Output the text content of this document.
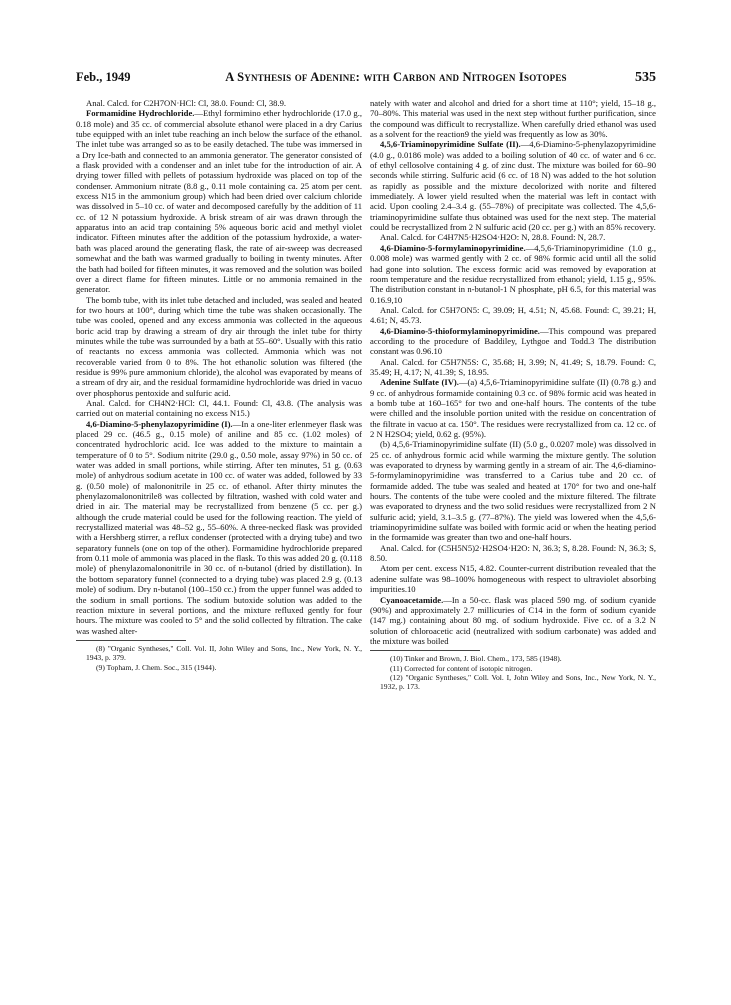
Feb., 1949	A Synthesis of Adenine: with Carbon and Nitrogen Isotopes	535

Anal. Calcd. for C2H7ON·HCl: Cl, 38.0. Found: Cl, 38.9.

Formamidine Hydrochloride.—Ethyl formimino ether hydrochloride (17.0 g., 0.18 mole) and 35 cc. of commercial absolute ethanol were placed in a dry Carius tube equipped with an inlet tube reaching an inch below the surface of the ethanol. The inlet tube was arranged so as to be easily detached. The tube was immersed in a Dry Ice-bath and connected to an ammonia generator. The generator consisted of a flask provided with a condenser and an inlet tube for the introduction of air. A drying tower filled with pellets of potassium hydroxide was placed on top of the condenser. Ammonium nitrate (8.8 g., 0.11 mole containing ca. 25 atom per cent. excess N15 in the ammonium group) which had been dried over calcium chloride was dissolved in 5–10 cc. of water and decomposed carefully by the addition of 11 cc. of 12 N potassium hydroxide. A brisk stream of air was drawn through the apparatus into an acid trap containing 5% aqueous boric acid and methyl violet indicator. Fifteen minutes after the addition of the potassium hydroxide, a water-bath was placed around the generating flask, the rate of air-sweep was decreased somewhat and the bath was warmed gradually to boiling in twenty minutes. After the bath had boiled for fifteen minutes, it was removed and the solution was boiled over a direct flame for fifteen minutes. Little or no ammonia remained in the generator.

The bomb tube, with its inlet tube detached and included, was sealed and heated for two hours at 100°, during which time the tube was shaken occasionally. The tube was cooled, opened and any excess ammonia was collected in the aqueous boric acid trap by drawing a stream of dry air through the inlet tube for thirty minutes while the tube was surrounded by a bath at 55–60°. Usually with this ratio of reactants no excess ammonia was collected. Ammonia which was not recoverable varied from 0 to 8%. The hot ethanolic solution was filtered (the residue is 99% pure ammonium chloride), the alcohol was evaporated by means of a stream of dry air, and the residual formamidine hydrochloride was dried in vacuo over phosphorus pentoxide and sulfuric acid.

Anal. Calcd. for CH4N2·HCl: Cl, 44.1. Found: Cl, 43.8. (The analysis was carried out on material containing no excess N15.)

4,6-Diamino-5-phenylazopyrimidine (I).—In a one-liter erlenmeyer flask was placed 29 cc. (46.5 g., 0.15 mole) of aniline and 85 cc. (1.02 moles) of concentrated hydrochloric acid. Ice was added to the mixture to maintain a temperature of 0 to 5°. Sodium nitrite (29.0 g., 0.50 mole, assay 97%) in 50 cc. of water was added in small portions, while stirring. After ten minutes, 51 g. (0.63 mole) of anhydrous sodium acetate in 100 cc. of water was added, followed by 33 g. (0.50 mole) of malononitrile in 25 cc. of ethanol. After thirty minutes the phenylazomalononitrile8 was collected by filtration, washed with cold water and dried in air. The material may be recrystallized from benzene (5 cc. per g.) although the crude material could be used for the following reaction. The yield of recrystallized material was 48–52 g., 55–60%. A three-necked flask was provided with a Hershberg stirrer, a reflux condenser (protected with a drying tube) and two separatory funnels (one on top of the other). Formamidine hydrochloride prepared from 0.11 mole of ammonia was placed in the flask. To this was added 20 g. (0.118 mole) of phenylazomalononitrile in 30 cc. of n-butanol (dried by distillation). In the bottom separatory funnel (connected to a drying tube) was placed 2.9 g. (0.13 mole) of sodium. Dry n-butanol (100–150 cc.) from the upper funnel was added to the sodium in small portions. The sodium butoxide solution was added to the reaction mixture in several portions, and the mixture refluxed gently for four hours. The mixture was cooled to 5° and the solid collected by filtration. The cake was washed alter-

(8) "Organic Syntheses," Coll. Vol. II, John Wiley and Sons, Inc., New York, N. Y., 1943, p. 379.

(9) Topham, J. Chem. Soc., 315 (1944).

nately with water and alcohol and dried for a short time at 110°; yield, 15–18 g., 70–80%. This material was used in the next step without further purification, since the compound was difficult to recrystallize. When carefully dried ethanol was used as a solvent for the reaction9 the yield was frequently as low as 30%.

4,5,6-Triaminopyrimidine Sulfate (II).—4,6-Diamino-5-phenylazopyrimidine (4.0 g., 0.0186 mole) was added to a boiling solution of 40 cc. of water and 6 cc. of ethyl cellosolve containing 4 g. of zinc dust. The mixture was boiled for 60–90 seconds while stirring. Sulfuric acid (6 cc. of 18 N) was added to the hot solution as rapidly as possible and the mixture decolorized with norite and filtered immediately. A lower yield resulted when the material was left in contact with acid. Upon cooling 2.4–3.4 g. (55–78%) of precipitate was collected. The 4,5,6-triaminopyrimidine sulfate thus obtained was used for the next step. The material could be recrystallized from 2 N sulfuric acid (20 cc. per g.) with an 85% recovery.

Anal. Calcd. for C4H7N5·H2SO4·H2O: N, 28.8. Found: N, 28.7.

4,6-Diamino-5-formylaminopyrimidine.—4,5,6-Triaminopyrimidine (1.0 g., 0.008 mole) was warmed gently with 2 cc. of 98% formic acid until all the solid had gone into solution. The excess formic acid was removed by evaporation at room temperature and the residue recrystallized from ethanol; yield, 1.15 g., 95%. The distribution constant in n-butanol-1 N phosphate, pH 6.5, for this material was 0.16.9,10

Anal. Calcd. for C5H7ON5: C, 39.09; H, 4.51; N, 45.68. Found: C, 39.21; H, 4.61; N, 45.73.

4,6-Diamino-5-thioformylaminopyrimidine.—This compound was prepared according to the procedure of Baddiley, Lythgoe and Todd.3 The distribution constant was 0.96.10

Anal. Calcd. for C5H7N5S: C, 35.68; H, 3.99; N, 41.49; S, 18.79. Found: C, 35.49; H, 4.17; N, 41.39; S, 18.95.

Adenine Sulfate (IV).—(a) 4,5,6-Triaminopyrimidine sulfate (II) (0.78 g.) and 9 cc. of anhydrous formamide containing 0.3 cc. of 98% formic acid was heated in a bomb tube at 160–165° for two and one-half hours. The contents of the tube were chilled and the insoluble portion united with the residue on concentration of the filtrate in vacuo at ca. 150°. The residues were recrystallized from ca. 12 cc. of 2 N H2SO4; yield, 0.62 g. (95%).

(b) 4,5,6-Triaminopyrimidine sulfate (II) (5.0 g., 0.0207 mole) was dissolved in 25 cc. of anhydrous formic acid while warming the mixture gently. The solution was evaporated to dryness by warming gently in a stream of air. The 4,6-diamino-5-formylaminopyrimidine was transferred to a Carius tube and 20 cc. of formamide added. The tube was sealed and heated at 170° for two and one-half hours. The contents of the tube were cooled and the mixture filtered. The filtrate was evaporated to dryness and the two solid residues were recrystallized from 2 N sulfuric acid; yield, 3.1–3.5 g. (77–87%). The yield was lowered when the 4,5,6-triaminopyrimidine sulfate was boiled with formic acid or when the heating period in the formamide was greater than two and one-half hours.

Anal. Calcd. for (C5H5N5)2·H2SO4·H2O: N, 36.3; S, 8.28. Found: N, 36.3; S, 8.50.

Atom per cent. excess N15, 4.82. Counter-current distribution revealed that the adenine sulfate was 98–100% homogeneous with respect to ultraviolet absorbing impurities.10

Cyanoacetamide.—In a 50-cc. flask was placed 590 mg. of sodium cyanide (90%) and approximately 2.7 millicuries of C14 in the form of sodium cyanide (147 mg.) containing about 80 mg. of sodium hydroxide. Five cc. of a 3.2 N solution of chloroacetic acid (neutralized with sodium carbonate) was added and the mixture was boiled

(10) Tinker and Brown, J. Biol. Chem., 173, 585 (1948).

(11) Corrected for content of isotopic nitrogen.

(12) "Organic Syntheses," Coll. Vol. I, John Wiley and Sons, Inc., New York, N. Y., 1932, p. 173.
